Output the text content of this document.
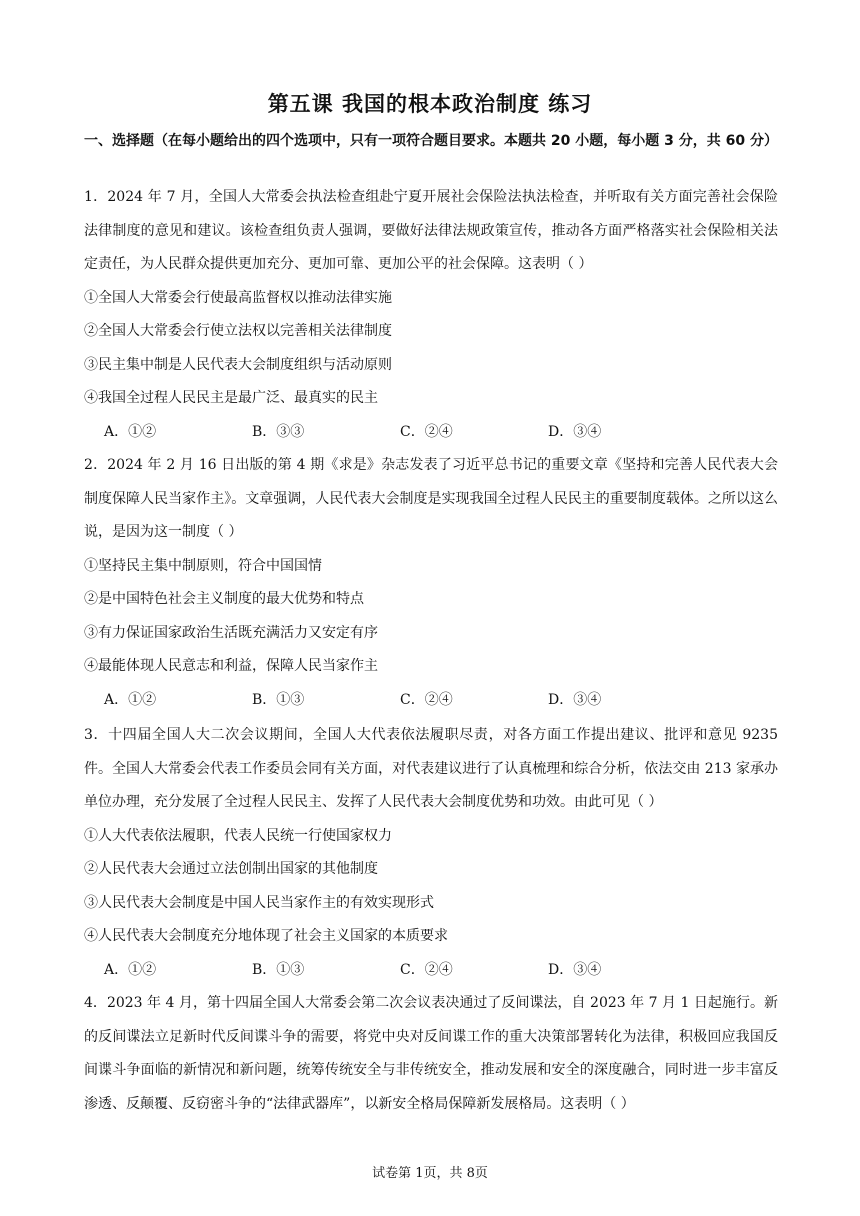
第五课 我国的根本政治制度 练习
一、选择题（在每小题给出的四个选项中，只有一项符合题目要求。本题共 20 小题，每小题 3 分，共 60 分）
1．2024 年 7 月，全国人大常委会执法检查组赴宁夏开展社会保险法执法检查，并听取有关方面完善社会保险法律制度的意见和建议。该检查组负责人强调，要做好法律法规政策宣传，推动各方面严格落实社会保险相关法定责任，为人民群众提供更加充分、更加可靠、更加公平的社会保障。这表明（ ）
①全国人大常委会行使最高监督权以推动法律实施
②全国人大常委会行使立法权以完善相关法律制度
③民主集中制是人民代表大会制度组织与活动原则
④我国全过程人民民主是最广泛、最真实的民主
A．①②	B．③③	C．②④	D．③④
2．2024 年 2 月 16 日出版的第 4 期《求是》杂志发表了习近平总书记的重要文章《坚持和完善人民代表大会制度保障人民当家作主》。文章强调，人民代表大会制度是实现我国全过程人民民主的重要制度载体。之所以这么说，是因为这一制度（ ）
①坚持民主集中制原则，符合中国国情
②是中国特色社会主义制度的最大优势和特点
③有力保证国家政治生活既充满活力又安定有序
④最能体现人民意志和利益，保障人民当家作主
A．①②	B．①③	C．②④	D．③④
3．十四届全国人大二次会议期间，全国人大代表依法履职尽责，对各方面工作提出建议、批评和意见 9235 件。全国人大常委会代表工作委员会同有关方面，对代表建议进行了认真梳理和综合分析，依法交由 213 家承办单位办理，充分发展了全过程人民民主、发挥了人民代表大会制度优势和功效。由此可见（ ）
①人大代表依法履职，代表人民统一行使国家权力
②人民代表大会通过立法创制出国家的其他制度
③人民代表大会制度是中国人民当家作主的有效实现形式
④人民代表大会制度充分地体现了社会主义国家的本质要求
A．①②	B．①③	C．②④	D．③④
4．2023 年 4 月，第十四届全国人大常委会第二次会议表决通过了反间谍法，自 2023 年 7 月 1 日起施行。新的反间谍法立足新时代反间谍斗争的需要，将党中央对反间谍工作的重大决策部署转化为法律，积极回应我国反间谍斗争面临的新情况和新问题，统筹传统安全与非传统安全，推动发展和安全的深度融合，同时进一步丰富反渗透、反颠覆、反窃密斗争的“法律武器库”，以新安全格局保障新发展格局。这表明（ ）
试卷第 1页，共 8页
